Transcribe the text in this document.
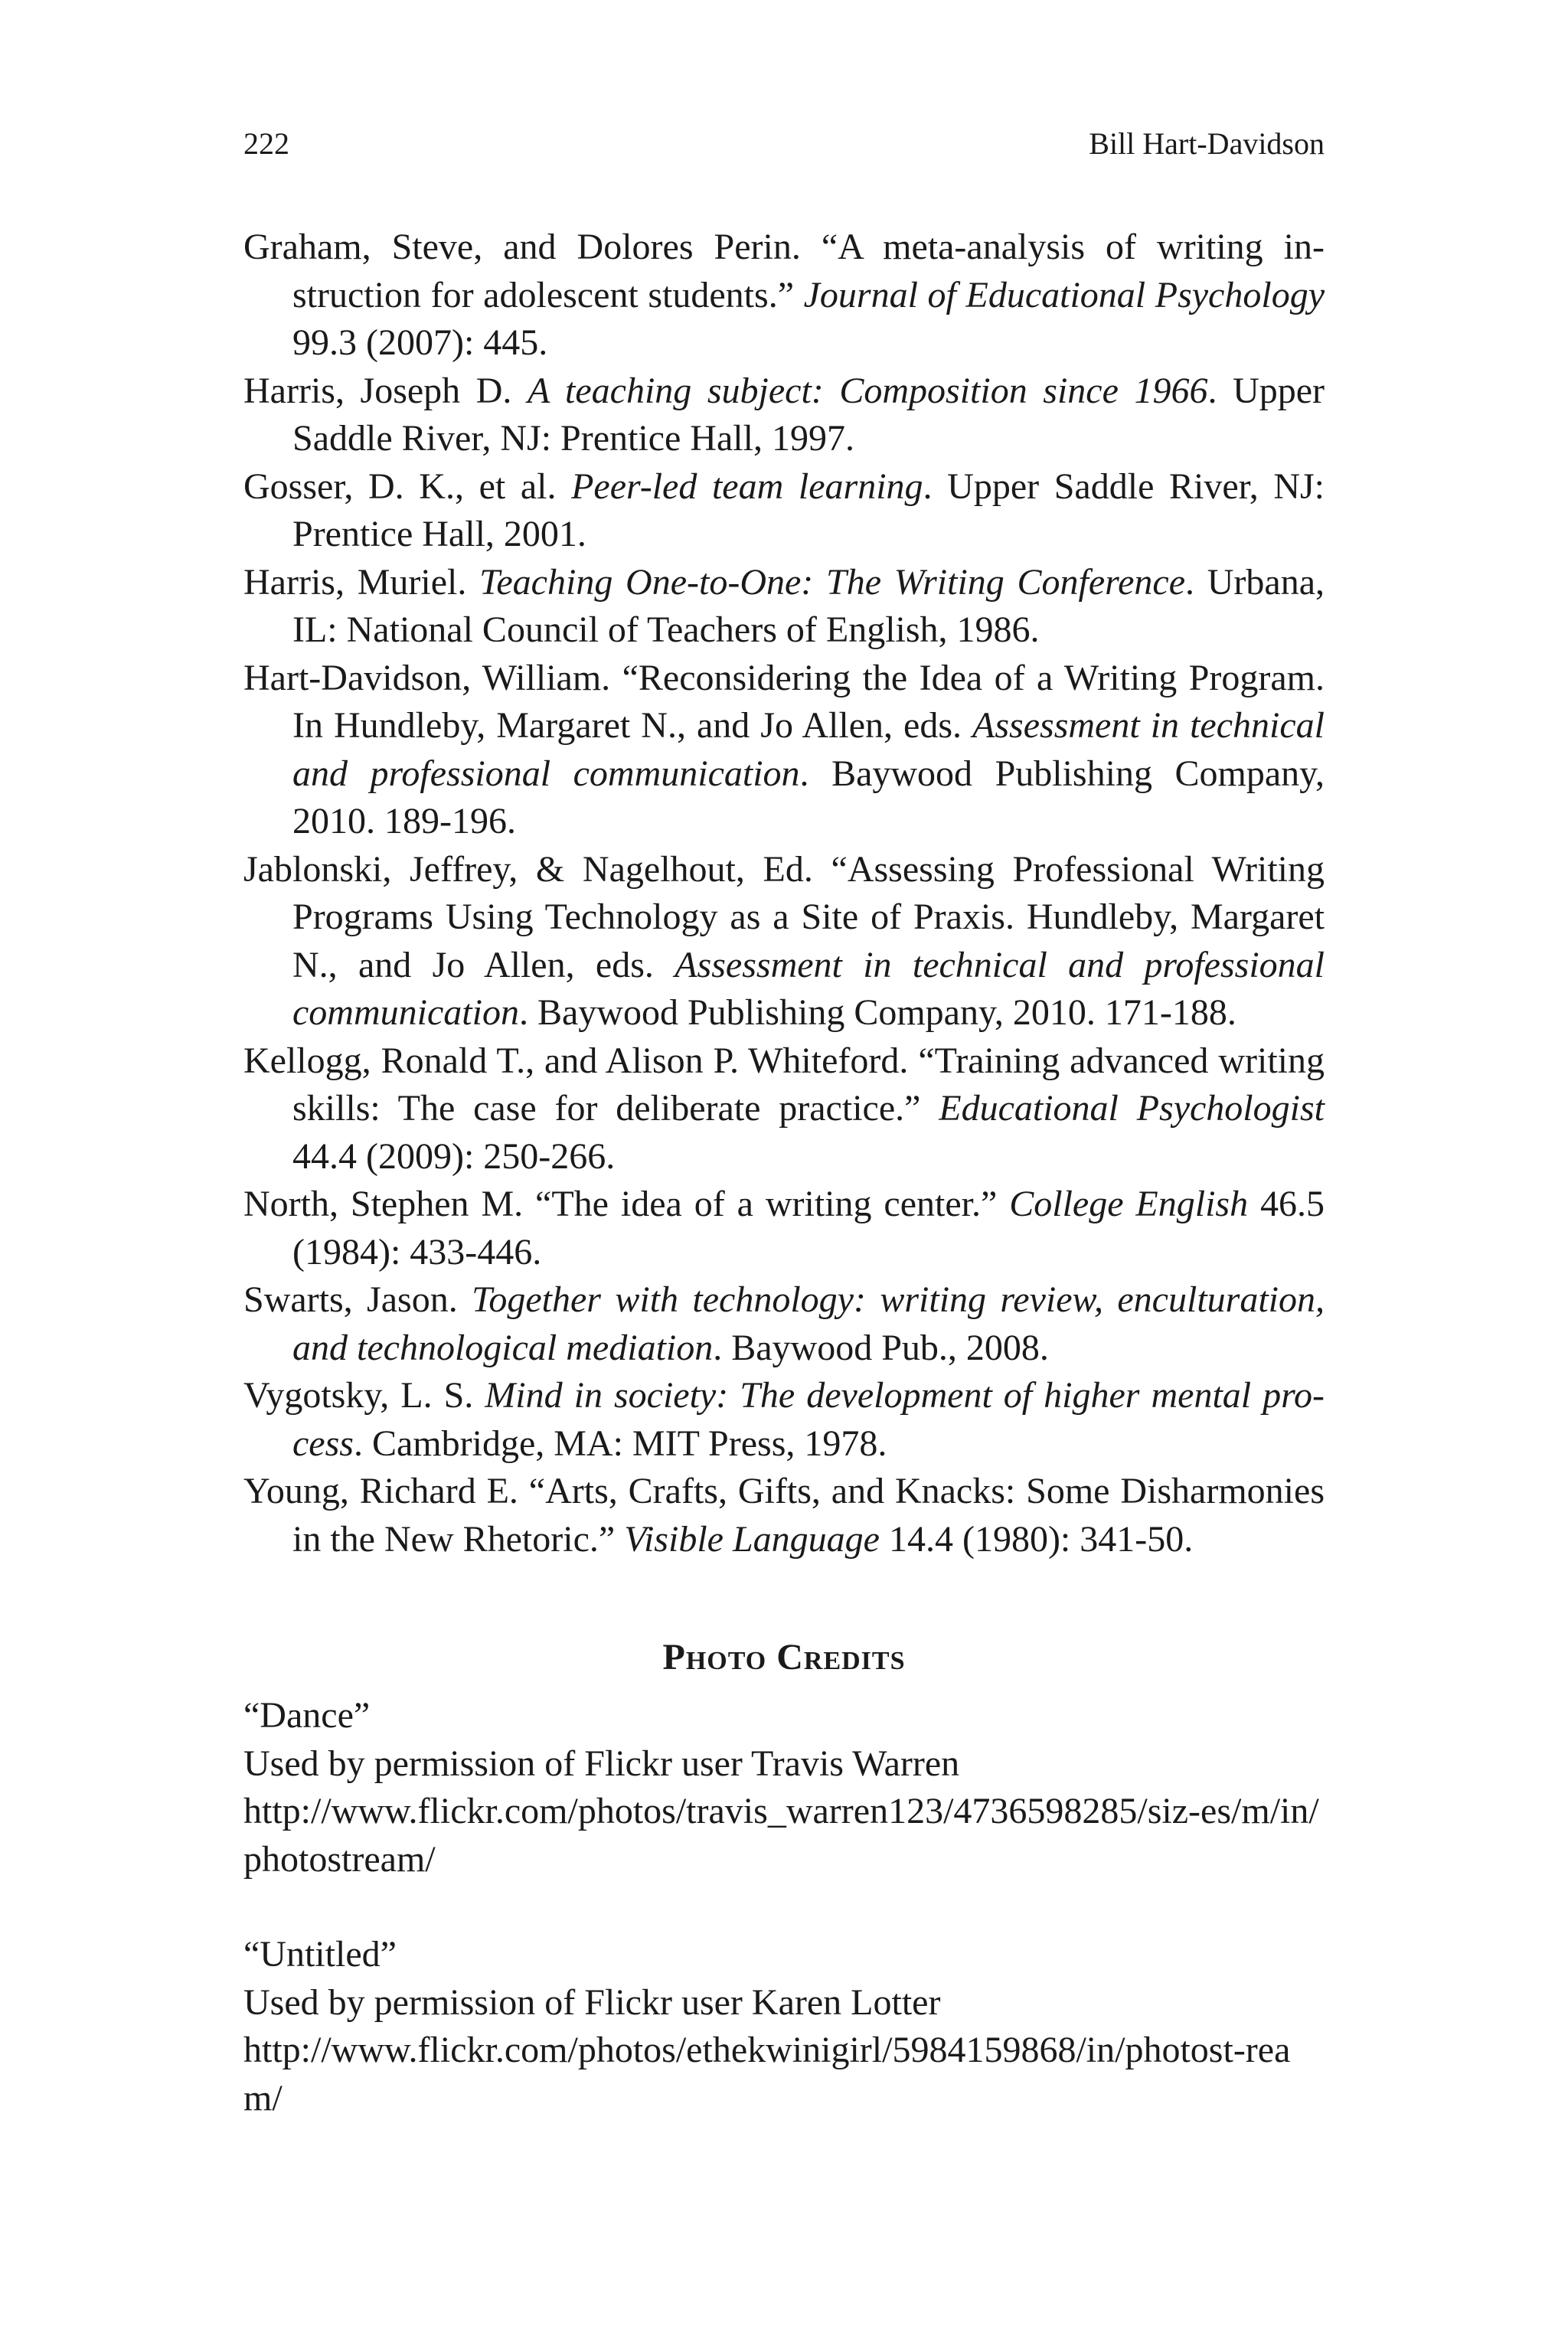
222	Bill Hart-Davidson
Graham, Steve, and Dolores Perin. “A meta-analysis of writing instruction for adolescent students.” Journal of Educational Psychology 99.3 (2007): 445.
Harris, Joseph D. A teaching subject: Composition since 1966. Upper Saddle River, NJ: Prentice Hall, 1997.
Gosser, D. K., et al. Peer-led team learning. Upper Saddle River, NJ: Prentice Hall, 2001.
Harris, Muriel. Teaching One-to-One: The Writing Conference. Urbana, IL: National Council of Teachers of English, 1986.
Hart-Davidson, William. “Reconsidering the Idea of a Writing Program. In Hundleby, Margaret N., and Jo Allen, eds. Assessment in technical and professional communication. Baywood Publishing Company, 2010. 189-196.
Jablonski, Jeffrey, & Nagelhout, Ed. “Assessing Professional Writing Programs Using Technology as a Site of Praxis. Hundleby, Margaret N., and Jo Allen, eds. Assessment in technical and professional communication. Baywood Publishing Company, 2010. 171-188.
Kellogg, Ronald T., and Alison P. Whiteford. “Training advanced writing skills: The case for deliberate practice.” Educational Psychologist 44.4 (2009): 250-266.
North, Stephen M. “The idea of a writing center.” College English 46.5 (1984): 433-446.
Swarts, Jason. Together with technology: writing review, enculturation, and technological mediation. Baywood Pub., 2008.
Vygotsky, L. S. Mind in society: The development of higher mental process. Cambridge, MA: MIT Press, 1978.
Young, Richard E. “Arts, Crafts, Gifts, and Knacks: Some Disharmonies in the New Rhetoric.” Visible Language 14.4 (1980): 341-50.
Photo Credits
“Dance”
Used by permission of Flickr user Travis Warren
http://www.flickr.com/photos/travis_warren123/4736598285/siz-es/m/in/photostream/
“Untitled”
Used by permission of Flickr user Karen Lotter
http://www.flickr.com/photos/ethekwinigirl/5984159868/in/photost-ream/
